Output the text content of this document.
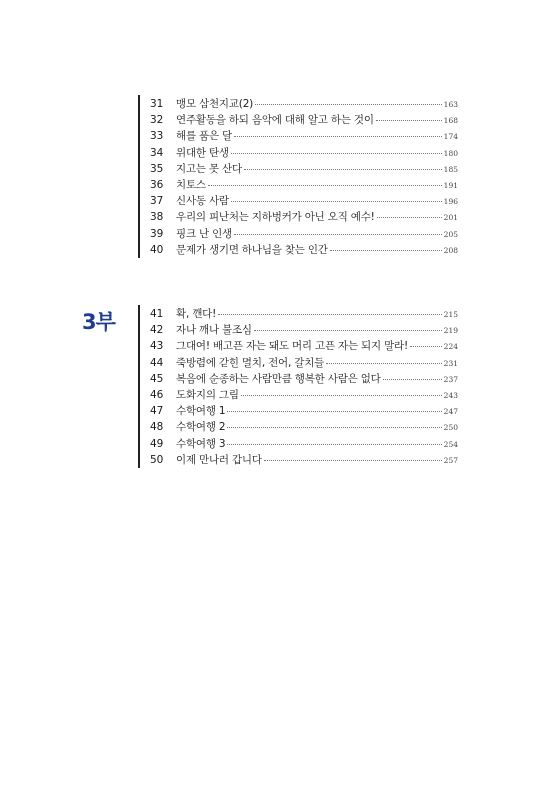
31	맹모 삼천지교(2)	163
32	연주활동을 하되 음악에 대해 알고 하는 것이	168
33	해를 품은 달	174
34	위대한 탄생	180
35	지고는 못 산다	185
36	치토스	191
37	신사동 사람	196
38	우리의 피난처는 지하벙커가 아닌 오직 예수!	201
39	핑크 난 인생	205
40	문제가 생기면 하나님을 찾는 인간	208
3부	41	확, 깬다!	215
42	자나 깨나 불조심	219
43	그대여! 배고픈 자는 돼도 머리 고픈 자는 되지 말라!	224
44	죽방렴에 갇힌 멸치, 전어, 갈치들	231
45	복음에 순종하는 사람만큼 행복한 사람은 없다	237
46	도화지의 그림	243
47	수학여행 1	247
48	수학여행 2	250
49	수학여행 3	254
50	이제 만나러 갑니다	257
